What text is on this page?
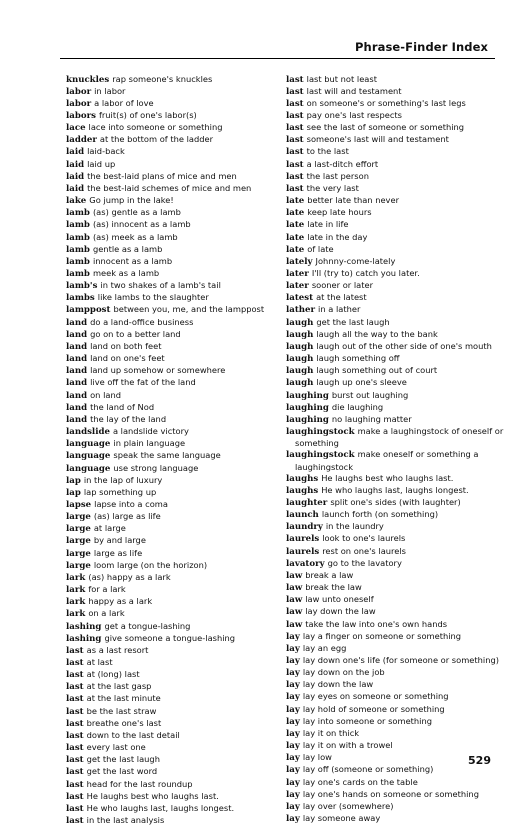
Phrase-Finder Index
knuckles rap someone's knuckles
labor in labor
labor a labor of love
labors fruit(s) of one's labor(s)
lace lace into someone or something
ladder at the bottom of the ladder
laid laid-back
laid laid up
laid the best-laid plans of mice and men
laid the best-laid schemes of mice and men
lake Go jump in the lake!
lamb (as) gentle as a lamb
lamb (as) innocent as a lamb
lamb (as) meek as a lamb
lamb gentle as a lamb
lamb innocent as a lamb
lamb meek as a lamb
lamb's in two shakes of a lamb's tail
lambs like lambs to the slaughter
lamppost between you, me, and the lamppost
land do a land-office business
land go on to a better land
land land on both feet
land land on one's feet
land land up somehow or somewhere
land live off the fat of the land
land on land
land the land of Nod
land the lay of the land
landslide a landslide victory
language in plain language
language speak the same language
language use strong language
lap in the lap of luxury
lap lap something up
lapse lapse into a coma
large (as) large as life
large at large
large by and large
large large as life
large loom large (on the horizon)
lark (as) happy as a lark
lark for a lark
lark happy as a lark
lark on a lark
lashing get a tongue-lashing
lashing give someone a tongue-lashing
last as a last resort
last at last
last at (long) last
last at the last gasp
last at the last minute
last be the last straw
last breathe one's last
last down to the last detail
last every last one
last get the last laugh
last get the last word
last head for the last roundup
last He laughs best who laughs last.
last He who laughs last, laughs longest.
last in the last analysis
last last but not least
last last will and testament
last on someone's or something's last legs
last pay one's last respects
last see the last of someone or something
last someone's last will and testament
last to the last
last a last-ditch effort
last the last person
last the very last
late better late than never
late keep late hours
late late in life
late late in the day
late of late
lately Johnny-come-lately
later I'll (try to) catch you later.
later sooner or later
latest at the latest
lather in a lather
laugh get the last laugh
laugh laugh all the way to the bank
laugh laugh out of the other side of one's mouth
laugh laugh something off
laugh laugh something out of court
laugh laugh up one's sleeve
laughing burst out laughing
laughing die laughing
laughing no laughing matter
laughingstock make a laughingstock of oneself or
something
laughingstock make oneself or something a
laughingstock
laughs He laughs best who laughs last.
laughs He who laughs last, laughs longest.
laughter split one's sides (with laughter)
launch launch forth (on something)
laundry in the laundry
laurels look to one's laurels
laurels rest on one's laurels
lavatory go to the lavatory
law break a law
law break the law
law law unto oneself
law lay down the law
law take the law into one's own hands
lay lay a finger on someone or something
lay lay an egg
lay lay down one's life (for someone or something)
lay lay down on the job
lay lay down the law
lay lay eyes on someone or something
lay lay hold of someone or something
lay lay into someone or something
lay lay it on thick
lay lay it on with a trowel
lay lay low
lay lay off (someone or something)
lay lay one's cards on the table
lay lay one's hands on someone or something
lay lay over (somewhere)
lay lay someone away
529
